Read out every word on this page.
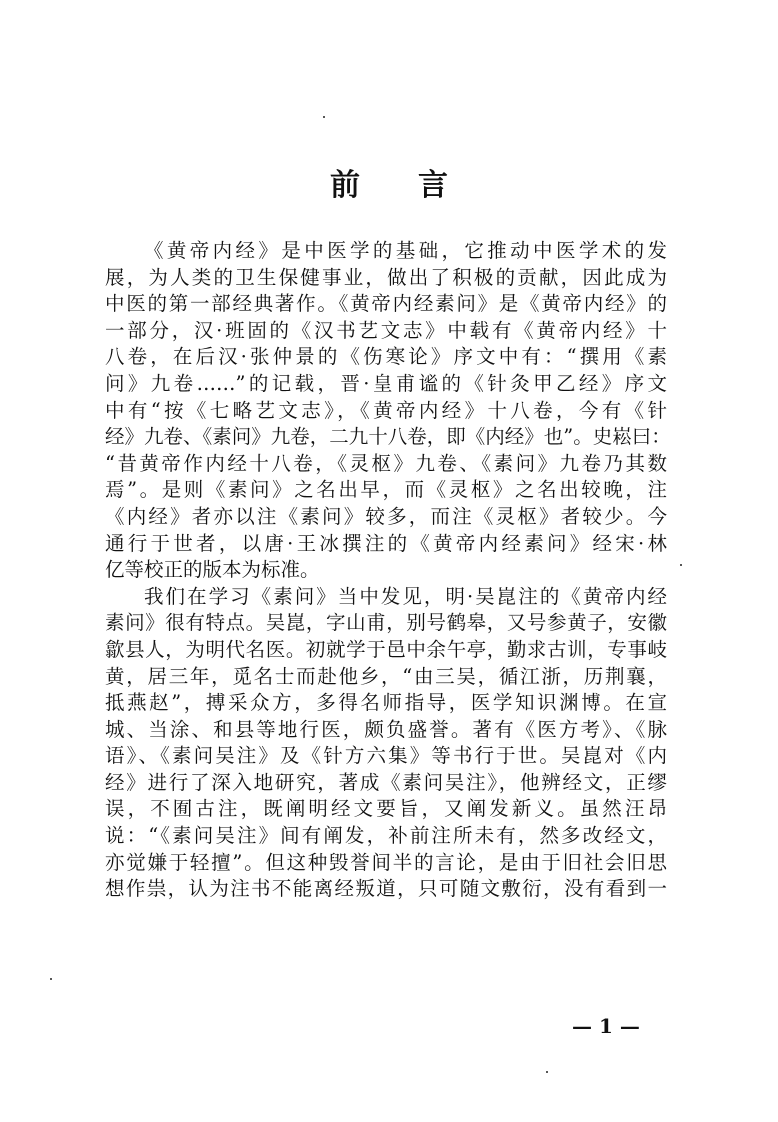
前 言
《黄帝内经》是中医学的基础，它推动中医学术的发
展，为人类的卫生保健事业，做出了积极的贡献，因此成为
中医的第一部经典著作。《黄帝内经素问》是《黄帝内经》的
一部分，汉·班固的《汉书艺文志》中载有《黄帝内经》十
八卷，在后汉·张仲景的《伤寒论》序文中有：“撰用《素
问》九卷……”的记载，晋·皇甫谧的《针灸甲乙经》序文
中有“按《七略艺文志》，《黄帝内经》十八卷，今有《针
经》九卷、《素问》九卷，二九十八卷，即《内经》也”。史崧曰：
“昔黄帝作内经十八卷，《灵枢》九卷、《素问》九卷乃其数
焉”。是则《素问》之名出早，而《灵枢》之名出较晚，注
《内经》者亦以注《素问》较多，而注《灵枢》者较少。今
通行于世者，以唐·王冰撰注的《黄帝内经素问》经宋·林
亿等校正的版本为标准。
我们在学习《素问》当中发见，明·吴崑注的《黄帝内经
素问》很有特点。吴崑，字山甫，别号鹤皋，又号参黄子，安徽
歙县人，为明代名医。初就学于邑中余午亭，勤求古训，专事岐
黄，居三年，觅名士而赴他乡，“由三吴，循江浙，历荆襄，
抵燕赵”，搏采众方，多得名师指导，医学知识渊博。在宣
城、当涂、和县等地行医，颇负盛誉。著有《医方考》、《脉
语》、《素问吴注》及《针方六集》等书行于世。吴崑对《内
经》进行了深入地研究，著成《素问吴注》，他辨经文，正缪
误，不囿古注，既阐明经文要旨，又阐发新义。虽然汪昂
说：“《素问吴注》间有阐发，补前注所未有，然多改经文，
亦觉嫌于轻擅”。但这种毁誉间半的言论，是由于旧社会旧思
想作祟，认为注书不能离经叛道，只可随文敷衍，没有看到一
— 1 —
